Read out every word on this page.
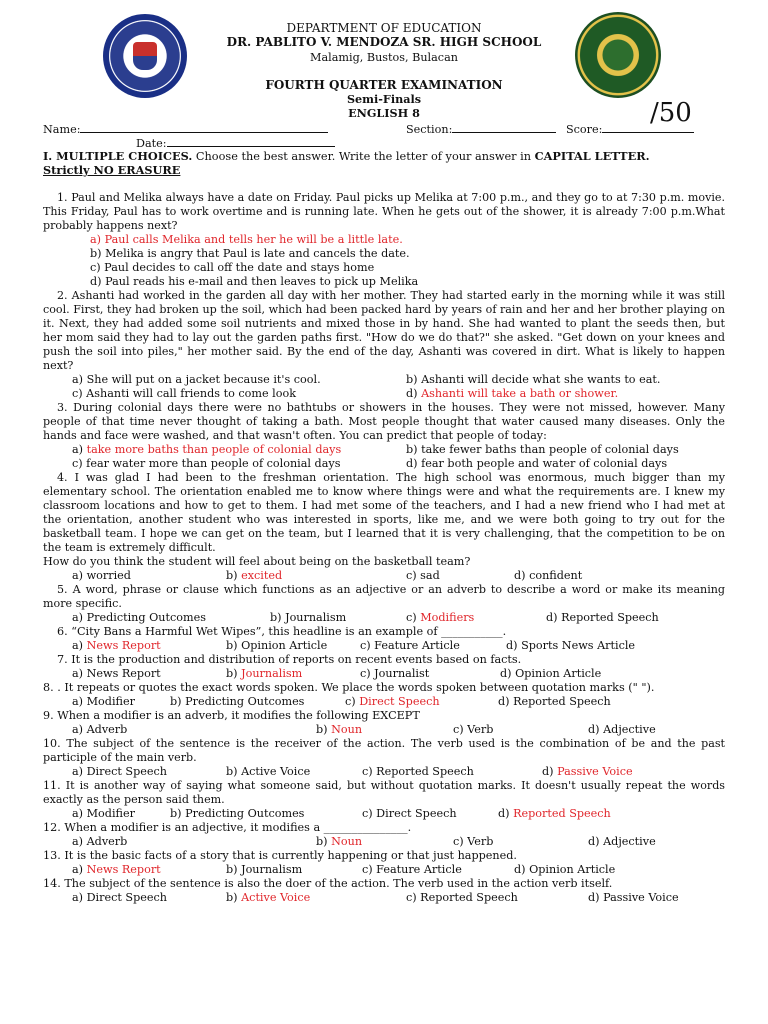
DEPARTMENT OF EDUCATION
DR. PABLITO V. MENDOZA SR. HIGH SCHOOL
Malamig, Bustos, Bulacan
FOURTH QUARTER EXAMINATION
Semi-Finals
ENGLISH 8
Name:	Section:	Score:
/50
Date:
I. MULTIPLE CHOICES. Choose the best answer. Write the letter of your answer in CAPITAL LETTER.
Strictly NO ERASURE
1. Paul and Melika always have a date on Friday. Paul picks up Melika at 7:00 p.m., and they go to at 7:30 p.m. movie. This Friday, Paul has to work overtime and is running late. When he gets out of the shower, it is already 7:00 p.m.What probably happens next?
a) Paul calls Melika and tells her he will be a little late.
b) Melika is angry that Paul is late and cancels the date.
c) Paul decides to call off the date and stays home
d) Paul reads his e-mail and then leaves to pick up Melika
2. Ashanti had worked in the garden all day with her mother. They had started early in the morning while it was still cool. First, they had broken up the soil, which had been packed hard by years of rain and her and her brother playing on it. Next, they had added some soil nutrients and mixed those in by hand. She had wanted to plant the seeds then, but her mom said they had to lay out the garden paths first. "How do we do that?" she asked. "Get down on your knees and push the soil into piles," her mother said. By the end of the day, Ashanti was covered in dirt. What is likely to happen next?
a) She will put on a jacket because it's cool.	b) Ashanti will decide what she wants to eat.
c) Ashanti will call friends to come look	d) Ashanti will take a bath or shower.
3. During colonial days there were no bathtubs or showers in the houses. They were not missed, however. Many people of that time never thought of taking a bath. Most people thought that water caused many diseases. Only the hands and face were washed, and that wasn't often. You can predict that people of today:
a) take more baths than people of colonial days	b) take fewer baths than people of colonial days
c) fear water more than people of colonial days	d) fear both people and water of colonial days
4. I was glad I had been to the freshman orientation. The high school was enormous, much bigger than my elementary school. The orientation enabled me to know where things were and what the requirements are. I knew my classroom locations and how to get to them. I had met some of the teachers, and I had a new friend who I had met at the orientation, another student who was interested in sports, like me, and we were both going to try out for the basketball team. I hope we can get on the team, but I learned that it is very challenging, that the competition to be on the team is extremely difficult.
How do you think the student will feel about being on the basketball team?
a) worried	b) excited	c) sad	d) confident
5. A word, phrase or clause which functions as an adjective or an adverb to describe a word or make its meaning more specific.
a) Predicting Outcomes	b) Journalism	c) Modifiers	d) Reported Speech
6. “City Bans a Harmful Wet Wipes”, this headline is an example of ___________.
a) News Report	b) Opinion Article	c) Feature Article	d) Sports News Article
7. It is the production and distribution of reports on recent events based on facts.
a) News Report	b) Journalism	c) Journalist	d) Opinion Article
8. . It repeats or quotes the exact words spoken. We place the words spoken between quotation marks (" ").
a) Modifier	b) Predicting Outcomes	c) Direct Speech	d) Reported Speech
9. When a modifier is an adverb, it modifies the following EXCEPT
a) Adverb	b) Noun	c) Verb	d) Adjective
10. The subject of the sentence is the receiver of the action. The verb used is the combination of be and the past participle of the main verb.
a) Direct Speech	b) Active Voice	c) Reported Speech	d) Passive Voice
11. It is another way of saying what someone said, but without quotation marks. It doesn't usually repeat the words exactly as the person said them.
a) Modifier	b) Predicting Outcomes	c) Direct Speech	d) Reported Speech
12. When a modifier is an adjective, it modifies a _______________.
a) Adverb	b) Noun	c) Verb	d) Adjective
13. It is the basic facts of a story that is currently happening or that just happened.
a) News Report	b) Journalism	c) Feature Article	d) Opinion Article
14. The subject of the sentence is also the doer of the action. The verb used in the action verb itself.
a) Direct Speech	b) Active Voice	c) Reported Speech	d) Passive Voice
